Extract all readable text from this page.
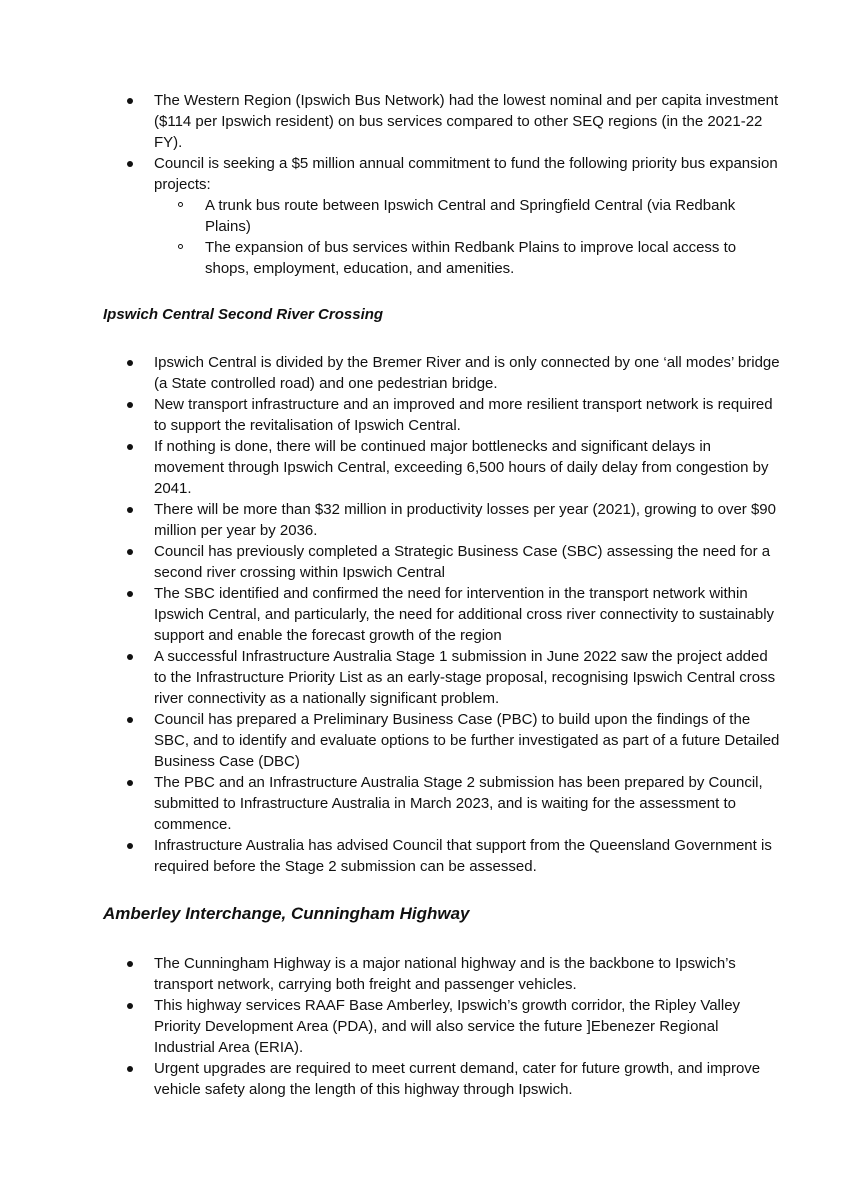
The Western Region (Ipswich Bus Network) had the lowest nominal and per capita investment ($114 per Ipswich resident) on bus services compared to other SEQ regions (in the 2021-22 FY).
Council is seeking a $5 million annual commitment to fund the following priority bus expansion projects:
A trunk bus route between Ipswich Central and Springfield Central (via Redbank Plains)
The expansion of bus services within Redbank Plains to improve local access to shops, employment, education, and amenities.
Ipswich Central Second River Crossing
Ipswich Central is divided by the Bremer River and is only connected by one ‘all modes’ bridge (a State controlled road) and one pedestrian bridge.
New transport infrastructure and an improved and more resilient transport network is required to support the revitalisation of Ipswich Central.
If nothing is done, there will be continued major bottlenecks and significant delays in movement through Ipswich Central, exceeding 6,500 hours of daily delay from congestion by 2041.
There will be more than $32 million in productivity losses per year (2021), growing to over $90 million per year by 2036.
Council has previously completed a Strategic Business Case (SBC) assessing the need for a second river crossing within Ipswich Central
The SBC identified and confirmed the need for intervention in the transport network within Ipswich Central, and particularly, the need for additional cross river connectivity to sustainably support and enable the forecast growth of the region
A successful Infrastructure Australia Stage 1 submission in June 2022 saw the project added to the Infrastructure Priority List as an early-stage proposal, recognising Ipswich Central cross river connectivity as a nationally significant problem.
Council has prepared a Preliminary Business Case (PBC) to build upon the findings of the SBC, and to identify and evaluate options to be further investigated as part of a future Detailed Business Case (DBC)
The PBC and an Infrastructure Australia Stage 2 submission has been prepared by Council, submitted to Infrastructure Australia in March 2023, and is waiting for the assessment to commence.
Infrastructure Australia has advised Council that support from the Queensland Government is required before the Stage 2 submission can be assessed.
Amberley Interchange, Cunningham Highway
The Cunningham Highway is a major national highway and is the backbone to Ipswich’s transport network, carrying both freight and passenger vehicles.
This highway services RAAF Base Amberley, Ipswich’s growth corridor, the Ripley Valley Priority Development Area (PDA), and will also service the future ]Ebenezer Regional Industrial Area (ERIA).
Urgent upgrades are required to meet current demand, cater for future growth, and improve vehicle safety along the length of this highway through Ipswich.
